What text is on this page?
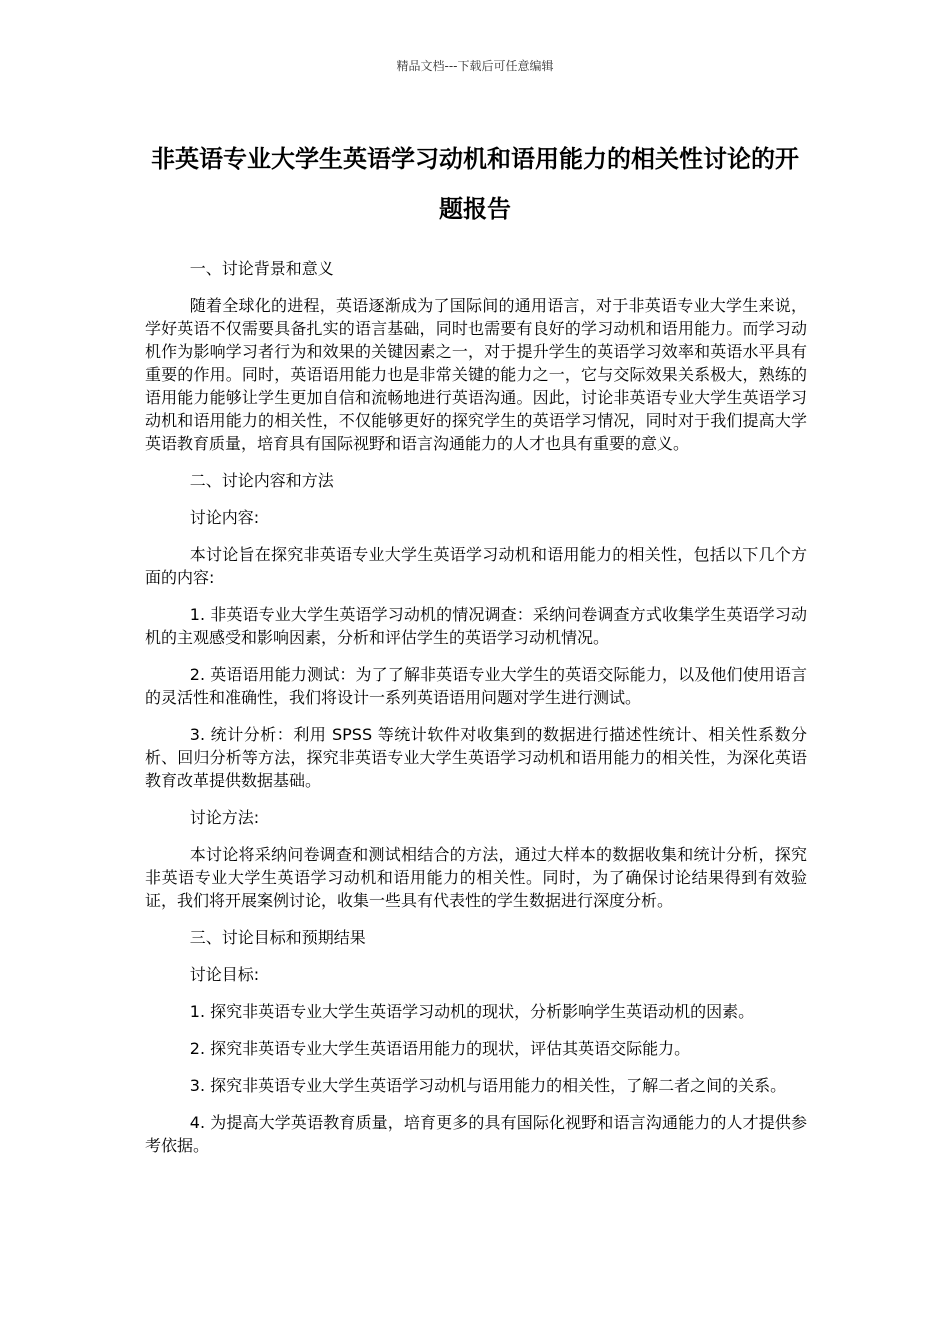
精品文档---下载后可任意编辑
非英语专业大学生英语学习动机和语用能力的相关性讨论的开题报告

一、讨论背景和意义

随着全球化的进程，英语逐渐成为了国际间的通用语言，对于非英语专业大学生来说，学好英语不仅需要具备扎实的语言基础，同时也需要有良好的学习动机和语用能力。而学习动机作为影响学习者行为和效果的关键因素之一，对于提升学生的英语学习效率和英语水平具有重要的作用。同时，英语语用能力也是非常关键的能力之一，它与交际效果关系极大，熟练的语用能力能够让学生更加自信和流畅地进行英语沟通。因此，讨论非英语专业大学生英语学习动机和语用能力的相关性，不仅能够更好的探究学生的英语学习情况，同时对于我们提高大学英语教育质量，培育具有国际视野和语言沟通能力的人才也具有重要的意义。

二、讨论内容和方法

讨论内容:

本讨论旨在探究非英语专业大学生英语学习动机和语用能力的相关性，包括以下几个方面的内容:

1. 非英语专业大学生英语学习动机的情况调查：采纳问卷调查方式收集学生英语学习动机的主观感受和影响因素，分析和评估学生的英语学习动机情况。

2. 英语语用能力测试：为了了解非英语专业大学生的英语交际能力，以及他们使用语言的灵活性和准确性，我们将设计一系列英语语用问题对学生进行测试。

3. 统计分析：利用 SPSS 等统计软件对收集到的数据进行描述性统计、相关性系数分析、回归分析等方法，探究非英语专业大学生英语学习动机和语用能力的相关性，为深化英语教育改革提供数据基础。

讨论方法:

本讨论将采纳问卷调查和测试相结合的方法，通过大样本的数据收集和统计分析，探究非英语专业大学生英语学习动机和语用能力的相关性。同时，为了确保讨论结果得到有效验证，我们将开展案例讨论，收集一些具有代表性的学生数据进行深度分析。

三、讨论目标和预期结果

讨论目标:

1. 探究非英语专业大学生英语学习动机的现状，分析影响学生英语动机的因素。

2. 探究非英语专业大学生英语语用能力的现状，评估其英语交际能力。

3. 探究非英语专业大学生英语学习动机与语用能力的相关性，了解二者之间的关系。

4. 为提高大学英语教育质量，培育更多的具有国际化视野和语言沟通能力的人才提供参考依据。
